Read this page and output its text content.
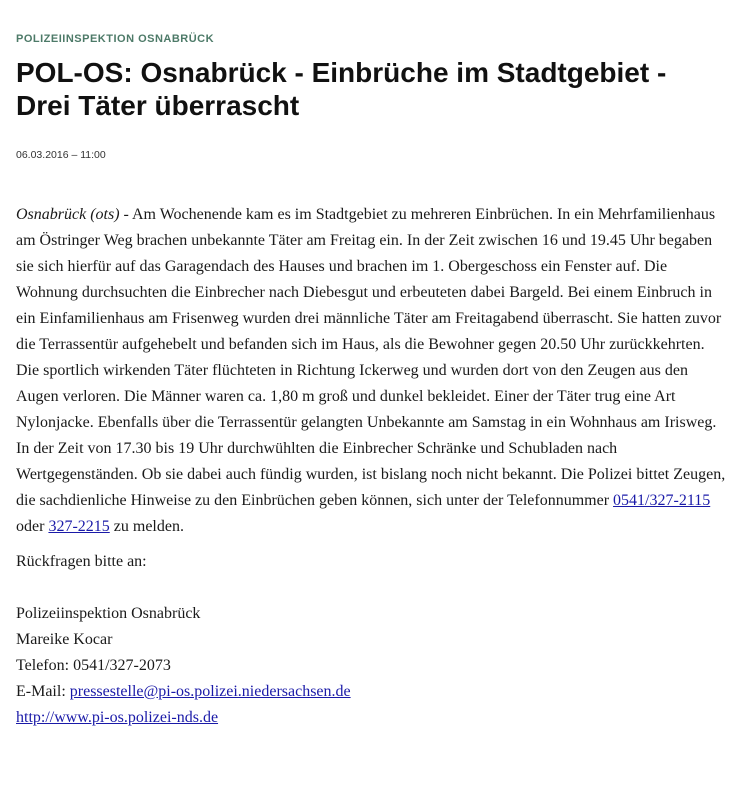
POLIZEIINSPEKTION OSNABRÜCK
POL-OS: Osnabrück - Einbrüche im Stadtgebiet -
Drei Täter überrascht
06.03.2016 – 11:00

Osnabrück (ots) - Am Wochenende kam es im Stadtgebiet zu mehreren Einbrüchen. In ein Mehrfamilienhaus am Östringer Weg brachen unbekannte Täter am Freitag ein. In der Zeit zwischen 16 und 19.45 Uhr begaben sie sich hierfür auf das Garagendach des Hauses und brachen im 1. Obergeschoss ein Fenster auf. Die Wohnung durchsuchten die Einbrecher nach Diebesgut und erbeuteten dabei Bargeld. Bei einem Einbruch in ein Einfamilienhaus am Frisenweg wurden drei männliche Täter am Freitagabend überrascht. Sie hatten zuvor die Terrassentür aufgehebelt und befanden sich im Haus, als die Bewohner gegen 20.50 Uhr zurückkehrten. Die sportlich wirkenden Täter flüchteten in Richtung Ickerweg und wurden dort von den Zeugen aus den Augen verloren. Die Männer waren ca. 1,80 m groß und dunkel bekleidet. Einer der Täter trug eine Art Nylonjacke. Ebenfalls über die Terrassentür gelangten Unbekannte am Samstag in ein Wohnhaus am Irisweg. In der Zeit von 17.30 bis 19 Uhr durchwühlten die Einbrecher Schränke und Schubladen nach Wertgegenständen. Ob sie dabei auch fündig wurden, ist bislang noch nicht bekannt. Die Polizei bittet Zeugen, die sachdienliche Hinweise zu den Einbrüchen geben können, sich unter der Telefonnummer 0541/327-2115 oder 327-2215 zu melden.

Rückfragen bitte an:

Polizeiinspektion Osnabrück

Mareike Kocar

Telefon: 0541/327-2073

E-Mail: pressestelle@pi-os.polizei.niedersachsen.de

http://www.pi-os.polizei-nds.de
